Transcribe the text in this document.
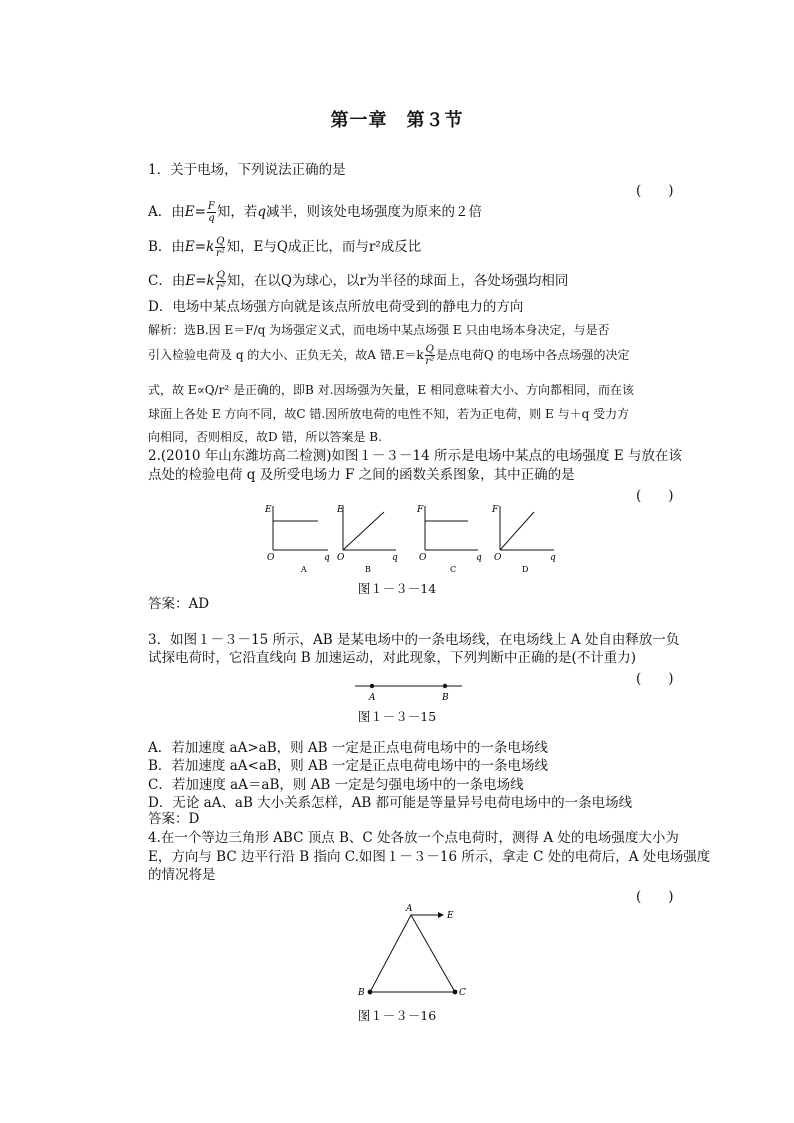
第一章　第３节
1．关于电场，下列说法正确的是
(　　)
A．由$E= \frac{F}{q}$ 知，若q减半，则该处电场强度为原来的２倍
B．由$E=k \frac{Q}{\text{r²}}$ 知，E与Q成正比，而与r²成反比
C．由$E=k \frac{Q}{\text{r²}}$ 知，在以Q为球心，以r为半径的球面上，各处场强均相同
D．电场中某点场强方向就是该点所放电荷受到的静电力的方向
解析：选B.因 E＝F/q 为场强定义式，而电场中某点场强 E 只由电场本身决定，与是否
引入检验电荷及 q 的大小、正负无关，故A 错$.E=k \frac{Q}{\text{r²}}$ 是点电荷Q 的电场中各点场强的决定
式，故 E∝Q/r² 是正确的，即B 对.因场强为矢量，E 相同意味着大小、方向都相同，而在该
球面上各处 E 方向不同，故C 错.因所放电荷的电性不知，若为正电荷，则 E 与＋q 受力方
向相同，否则相反，故D 错，所以答案是 B.
2.(2010 年山东潍坊高二检测)如图１－３－14 所示是电场中某点的电场强度 E 与放在该
点处的检验电荷 q 及所受电场力 F 之间的函数关系图象，其中正确的是
(　　)
E
O	q
A
E
O	q
B
F
O	q
C
F
O	q
D
图１－３－14
答案：AD
3．如图１－３－15 所示，AB 是某电场中的一条电场线，在电场线上 A 处自由释放一负
试探电荷时，它沿直线向 B 加速运动，对此现象，下列判断中正确的是(不计重力)
(　　)
A	B
图１－３－15
A．若加速度 aA>aB，则 AB 一定是正点电荷电场中的一条电场线
B．若加速度 aA<aB，则 AB 一定是正点电荷电场中的一条电场线
C．若加速度 aA＝aB，则 AB 一定是匀强电场中的一条电场线
D．无论 aA、aB 大小关系怎样，AB 都可能是等量异号电荷电场中的一条电场线
答案：D
4.在一个等边三角形 ABC 顶点 B、C 处各放一个点电荷时，测得 A 处的电场强度大小为
E，方向与 BC 边平行沿 B 指向 C.如图１－３－16 所示，拿走 C 处的电荷后，A 处电场强度
的情况将是
(　　)
A
B	C
E
图１－３－16
